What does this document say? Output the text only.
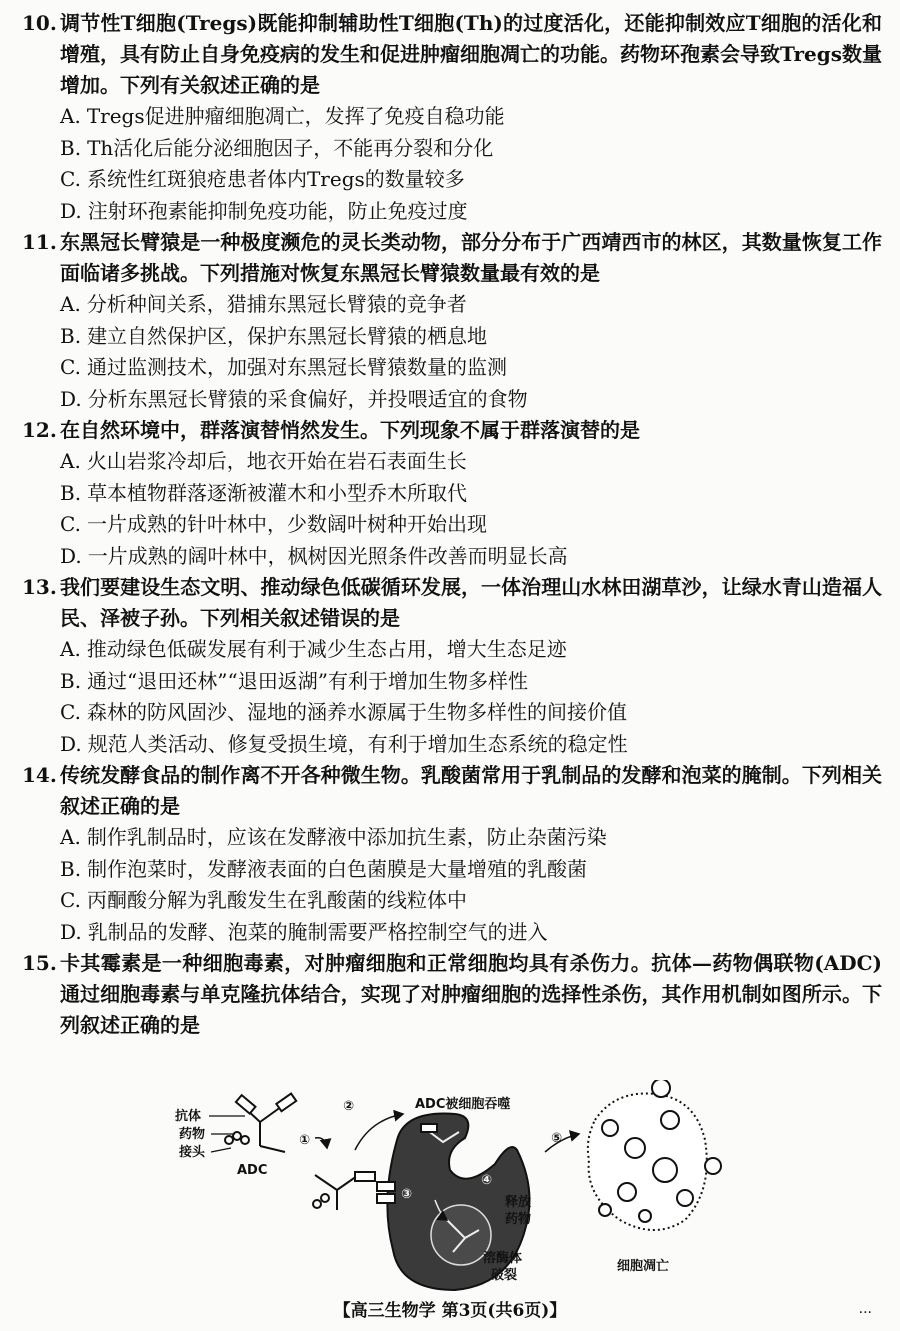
10. 调节性T细胞(Tregs)既能抑制辅助性T细胞(Th)的过度活化，还能抑制效应T细胞的活化和增殖，具有防止自身免疫病的发生和促进肿瘤细胞凋亡的功能。药物环孢素会导致Tregs数量增加。下列有关叙述正确的是
A. Tregs促进肿瘤细胞凋亡，发挥了免疫自稳功能
B. Th活化后能分泌细胞因子，不能再分裂和分化
C. 系统性红斑狼疮患者体内Tregs的数量较多
D. 注射环孢素能抑制免疫功能，防止免疫过度
11. 东黑冠长臂猿是一种极度濒危的灵长类动物，部分分布于广西靖西市的林区，其数量恢复工作面临诸多挑战。下列措施对恢复东黑冠长臂猿数量最有效的是
A. 分析种间关系，猎捕东黑冠长臂猿的竞争者
B. 建立自然保护区，保护东黑冠长臂猿的栖息地
C. 通过监测技术，加强对东黑冠长臂猿数量的监测
D. 分析东黑冠长臂猿的采食偏好，并投喂适宜的食物
12. 在自然环境中，群落演替悄然发生。下列现象不属于群落演替的是
A. 火山岩浆冷却后，地衣开始在岩石表面生长
B. 草本植物群落逐渐被灌木和小型乔木所取代
C. 一片成熟的针叶林中，少数阔叶树种开始出现
D. 一片成熟的阔叶林中，枫树因光照条件改善而明显长高
13. 我们要建设生态文明、推动绿色低碳循环发展，一体治理山水林田湖草沙，让绿水青山造福人民、泽被子孙。下列相关叙述错误的是
A. 推动绿色低碳发展有利于减少生态占用，增大生态足迹
B. 通过“退田还林”“退田返湖”有利于增加生物多样性
C. 森林的防风固沙、湿地的涵养水源属于生物多样性的间接价值
D. 规范人类活动、修复受损生境，有利于增加生态系统的稳定性
14. 传统发酵食品的制作离不开各种微生物。乳酸菌常用于乳制品的发酵和泡菜的腌制。下列相关叙述正确的是
A. 制作乳制品时，应该在发酵液中添加抗生素，防止杂菌污染
B. 制作泡菜时，发酵液表面的白色菌膜是大量增殖的乳酸菌
C. 丙酮酸分解为乳酸发生在乳酸菌的线粒体中
D. 乳制品的发酵、泡菜的腌制需要严格控制空气的进入
15. 卡其霉素是一种细胞毒素，对肿瘤细胞和正常细胞均具有杀伤力。抗体—药物偶联物(ADC)通过细胞毒素与单克隆抗体结合，实现了对肿瘤细胞的选择性杀伤，其作用机制如图所示。下列叙述正确的是
抗体
药物
接头
ADC
①
②	ADC被细胞吞噬
③
④
释放
药物
溶酶体
破裂
⑤
细胞凋亡
【高三生物学 第3页(共6页)】	...
